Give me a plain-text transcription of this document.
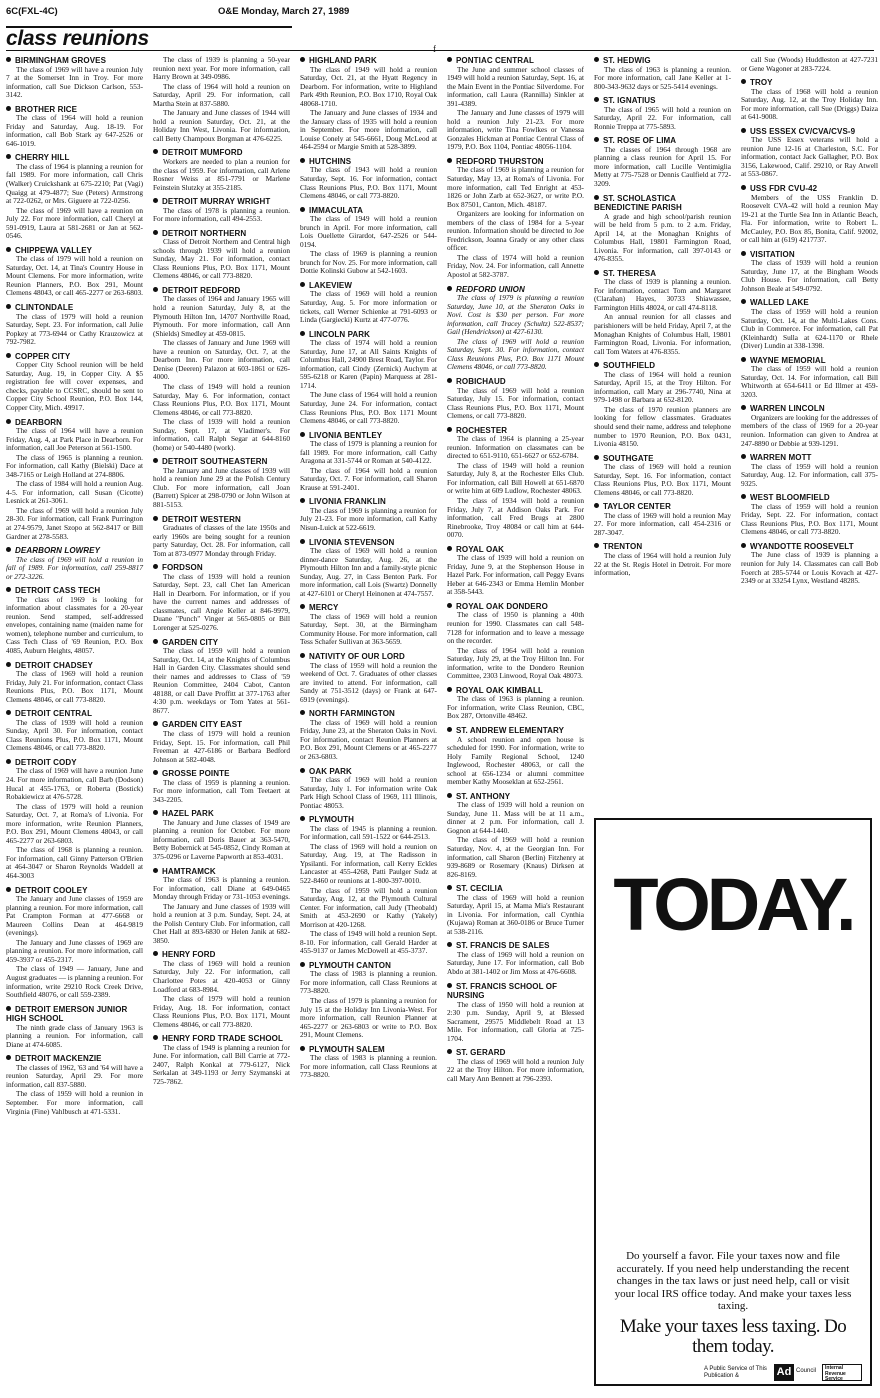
6C(FXL-4C)	O&E Monday, March 27, 1989
class reunions	f
BIRMINGHAM GROVES
The class of 1969 will have a reunion July 7 at the Somerset Inn in Troy. For more information, call Sue Dickson Carlson, 553-3142.
BROTHER RICE
The class of 1964 will hold a reunion Friday and Saturday, Aug. 18-19. For information, call Bob Stark ay 647-2526 or 646-1019.
CHERRY HILL
The class of 1964 is planning a reunion for fall 1989. For more information, call Chris (Walker) Cruickshank at 675-2210; Pat (Vagi) Quaigg at 479-4877; Sue (Peters) Armstrong at 722-0262, or Mrs. Giguere at 722-0256.
The class of 1969 will have a reunion on July 22. For more information, call Cheryl at 591-0919, Laura at 581-2681 or Jan at 562-0546.
CHIPPEWA VALLEY
The class of 1979 will hold a reunion on Saturday, Oct. 14, at Tina's Country House in Mount Clemens. For more information, write Reunion Planners, P.O. Box 291, Mount Clemens 48043, or call 465-2277 or 263-6803.
CLINTONDALE
The class of 1979 will hold a reunion Saturday, Sept. 23. For information, call Julie Popkey at 773-6944 or Cathy Krauzowicz at 792-7982.
COPPER CITY
Copper City School reunion will be held Saturday, Aug. 19, in Copper City. A $5 registration fee will cover expenses, and checks, payable to CCSRC, should be sent to Copper City School Reunion, P.O. Box 144, Copper City, Mich. 49917.
DEARBORN
The class of 1964 will have a reunion Friday, Aug. 4, at Park Place in Dearborn. For information, call Joe Peterson at 561-1500.
The class of 1965 is planning a reunion. For information, call Kathy (Bielski) Dace at 348-7165 or Leigh Holland at 274-8806.
The class of 1984 will hold a reunion Aug. 4-5. For information, call Susan (Cicotte) Lesnick at 261-3061.
The class of 1969 will hold a reunion July 28-30. For information, call Frank Purrington at 274-9579, Janet Szopo at 562-8417 or Bill Gardner at 278-5583.
DEARBORN LOWREY
The class of 1969 will hold a reunion in fall of 1989. For information, call 259-8817 or 272-3226.
DETROIT CASS TECH
The class of 1969 is looking for information about classmates for a 20-year reunion. Send stamped, self-addressed envelopes, containing name (maiden name for women), telephone number and curriculum, to Cass Tech Class of '69 Reunion, P.O. Box 4085, Auburn Heights, 48057.
DETROIT CHADSEY
The class of 1969 will hold a reunion Friday, July 21. For information, contact Class Reunions Plus, P.O. Box 1171, Mount Clemens 48046, or call 773-8820.
DETROIT CENTRAL
The class of 1939 will hold a reunion Sunday, April 30. For information, contact Class Reunions Plus, P.O. Box 1171, Mount Clemens 48046, or call 773-8820.
DETROIT CODY
The class of 1969 will have a reunion June 24. For more information, call Barb (Dodson) Hucal at 455-1763, or Roberta (Bostick) Robakiewicz at 476-5728.
The class of 1979 will hold a reunion Saturday, Oct. 7, at Roma's of Livonia. For more information, write Reunion Planners, P.O. Box 291, Mount Clemens 48043, or call 465-2277 or 263-6803.
The class of 1968 is planning a reunion. For information, call Ginny Patterson O'Brien at 464-3047 or Sharon Reynolds Waddell at 464-3003
DETROIT COOLEY
The January and June classes of 1959 are planning a reunion. For more information, call Pat Crampton Forman at 477-6668 or Maureen Collins Dean at 464-9819 (evenings).
The January and June classes of 1969 are planning a reunion. For more information, call 459-3937 or 455-2317.
The class of 1949 — January, June and August graduates — is planning a reunion. For information, write 29210 Rock Creek Drive, Southfield 48076, or call 559-2389.
DETROIT EMERSON JUNIOR HIGH SCHOOL
The ninth grade class of January 1963 is planning a reunion. For information, call Diane at 474-6085.
DETROIT MACKENZIE
The classes of 1962, '63 and '64 will have a reunion Saturday, April 29. For more information, call 837-5880.
The class of 1959 will hold a reunion in September. For more information, call Virginia (Fine) Vahlbusch at 471-5331.
The class of 1939 is planning a 50-year reunion next year. For more information, call Harry Brown at 349-0986.
The class of 1964 will hold a reunion on Saturday, April 29. For information, call Martha Stein at 837-5880.
The January and June classes of 1944 will hold a reunion Saturday, Oct. 21, at the Holiday Inn West, Livonia. For information, call Betty Champoux Borgman at 476-6225.
DETROIT MUMFORD
Workers are needed to plan a reunion for the class of 1959. For information, call Arlene Rosner Weiss at 851-7791 or Marlene Feinstein Slutzky at 355-2185.
DETROIT MURRAY WRIGHT
The class of 1978 is planning a reunion. For more information, call 494-2553.
DETROIT NORTHERN
Class of Detroit Northern and Central high schools through 1939 will hold a reunion Sunday, May 21. For information, contact Class Reunions Plus, P.O. Box 1171, Mount Clemens 48046, or call 773-8820.
DETROIT REDFORD
The classes of 1964 and January 1965 will hold a reunion Saturday, July 8, at the Plymouth Hilton Inn, 14707 Northville Road, Plymouth. For more information, call Ann (Shields) Smedley at 459-0815.
The classes of January and June 1969 will have a reunion on Saturday, Oct. 7, at the Dearborn Inn. For more information, call Denise (Deeren) Palazon at 603-1861 or 626-4000.
The class of 1949 will hold a reunion Saturday, May 6. For information, contact Class Reunions Plus, P.O. Box 1171, Mount Clemens 48046, or call 773-8820.
The class of 1939 will hold a reunion Sunday, Sept. 17, at Vladimer's. For information, call Ralph Segar at 644-8160 (home) or 540-4480 (work).
DETROIT SOUTHEASTERN
The January and June classes of 1939 will hold a reunion June 29 at the Polish Century Club. For more information, call Joan (Barrett) Spicer at 298-0790 or John Wilson at 881-5153.
DETROIT WESTERN
Graduates of classes of the late 1950s and early 1960s are being sought for a reunion party Saturday, Oct. 28. For information, call Tom at 873-0977 Monday through Friday.
FORDSON
The class of 1939 will hold a reunion Saturday, Sept. 23, call Chet Ian American Hall in Dearborn. For information, or if you have the current names and addresses of classmates, call Angie Keller at 846-9979, Duane "Punch" Vinger at 565-0805 or Bill Lorenger at 525-0276.
GARDEN CITY
The class of 1959 will hold a reunion Saturday, Oct. 14, at the Knights of Columbus Hall in Garden City. Classmates should send their names and addresses to Class of '59 Reunion Committee, 2404 Cabot, Canton 48188, or call Dave Proffitt at 377-1763 after 4:30 p.m. weekdays or Tom Yates at 561-8677.
GARDEN CITY EAST
The class of 1979 will hold a reunion Friday, Sept. 15. For information, call Phil Freeman at 427-6186 or Barbara Bedford Johnson at 582-4048.
GROSSE POINTE
The class of 1959 is planning a reunion. For more information, call Tom Teetaert at 343-2205.
HAZEL PARK
The January and June classes of 1949 are planning a reunion for October. For more information, call Doris Bauer at 363-5470, Betty Bobernick at 545-0852, Cindy Roman at 375-0296 or Laverne Papworth at 853-4031.
HAMTRAMCK
The class of 1963 is planning a reunion. For information, call Diane at 649-0465 Monday through Friday or 731-1053 evenings.
The January and June classes of 1939 will hold a reunion at 3 p.m. Sunday, Sept. 24, at the Polish Century Club. For information, call Chet Hall at 893-6830 or Helen Janik at 682-3850.
HENRY FORD
The class of 1969 will hold a reunion Saturday, July 22. For information, call Charlottee Potes at 420-4053 or Ginny Loadford at 683-8984.
The class of 1979 will hold a reunion Friday, Aug. 18. For information, contact Class Reunions Plus, P.O. Box 1171, Mount Clemens 48046, or call 773-8820.
HENRY FORD TRADE SCHOOL
The class of 1949 is planning a reunion for June. For information, call Bill Carrie at 772-2407, Ralph Konkal at 779-6127, Nick Serkalan at 349-1193 or Jerry Szymanski at 725-7862.
HIGHLAND PARK
The class of 1949 will hold a reunion Saturday, Oct. 21, at the Hyatt Regency in Dearborn. For information, write to Highland Park 49th Reunion, P.O. Box 1710, Royal Oak 48068-1710.
The January and June classes of 1934 and the January class of 1935 will hold a reunion in September. For more information, call Louise Conely at 545-6661, Doug McLeod at 464-2594 or Margie Smith at 528-3899.
HUTCHINS
The class of 1943 will hold a reunion Saturday, Sept. 16. For information, contact Class Reunions Plus, P.O. Box 1171, Mount Clemens 48046, or call 773-8820.
IMMACULATA
The class of 1949 will hold a reunion brunch in April. For more information, call Lois Ouellette Girardot, 647-2526 or 544-0194.
The class of 1969 is planning a reunion brunch for Nov. 25. For more information, call Dottie Kolinski Gubow at 542-1603.
LAKEVIEW
The class of 1969 will hold a reunion Saturday, Aug. 5. For more information or tickets, call Werner Schienke at 791-6093 or Linda (Gargiecki) Kurtz at 477-0776.
LINCOLN PARK
The class of 1974 will hold a reunion Saturday, June 17, at All Saints Knights of Columbus Hall, 24900 Brest Road, Taylor. For information, call Cindy (Zernick) Auchym at 595-6218 or Karen (Papin) Marquess at 281-1714.
The June class of 1964 will hold a reunion Saturday, June 24. For information, contact Class Reunions Plus, P.O. Box 1171 Mount Clemens 48046, or call 773-8820.
LIVONIA BENTLEY
The class of 1979 is planning a reunion for fall 1989. For more information, call Cathy Aragona at 331-5744 or Roman at 540-4122.
The class of 1964 will hold a reunion Saturday, Oct. 7. For information, call Sharon Krause at 591-2401.
LIVONIA FRANKLIN
The class of 1969 is planning a reunion for July 21-23. For more information, call Kathy Nisun-Luick at 522-6619.
LIVONIA STEVENSON
The class of 1969 will hold a reunion dinner-dance Saturday, Aug. 26, at the Plymouth Hilton Inn and a family-style picnic Sunday, Aug. 27, in Cass Benton Park. For more information, call Lois (Swartz) Donnelly at 427-6101 or Cheryl Heinonen at 474-7557.
MERCY
The class of 1969 will hold a reunion Saturday, Sept. 30, at the Birmingham Community House. For more information, call Tess Schafer Sullivan at 363-5659.
NATIVITY OF OUR LORD
The class of 1959 will hold a reunion the weekend of Oct. 7. Graduates of other classes are invited to attend. For information, call Sandy at 751-3512 (days) or Frank at 647-6919 (evenings).
NORTH FARMINGTON
The class of 1969 will hold a reunion Friday, June 23, at the Sheraton Oaks in Novi. For information, contact Reunion Planners at P.O. Box 291, Mount Clemens or at 465-2277 or 263-6803.
OAK PARK
The class of 1969 will hold a reunion Saturday, July 1. For information write Oak Park High School Class of 1969, 111 Illinois, Pontiac 48053.
PLYMOUTH
The class of 1945 is planning a reunion. For information, call 591-1522 or 644-2513.
The class of 1969 will hold a reunion on Saturday, Aug. 19, at The Radisson in Ypsilanti. For information, call Kerry Eckles Lancaster at 455-4268, Patti Paulger Sudz at 522-8460 or reunions at 1-800-397-0010.
The class of 1959 will hold a reunion Saturday, Aug. 12, at the Plymouth Cultural Center. For information, call Judy (Theobald) Smith at 453-2690 or Kathy (Yakely) Morrison at 420-1268.
The class of 1949 will hold a reunion Sept. 8-10. For information, call Gerald Harder at 455-9137 or James McDowell at 455-3737.
PLYMOUTH CANTON
The class of 1983 is planning a reunion. For more information, call Class Reunions at 773-8820.
The class of 1979 is planning a reunion for July 15 at the Holiday Inn Livonia-West. For more information, call Reunion Planner at 465-2277 or 263-6803 or write to P.O. Box 291, Mount Clemens.
PLYMOUTH SALEM
The class of 1983 is planning a reunion. For more information, call Class Reunions at 773-8820.
PONTIAC CENTRAL
The June and summer school classes of 1949 will hold a reunion Saturday, Sept. 16, at the Main Event in the Pontiac Silverdome. For information, call Laura (Rannilla) Sinkler at 391-4389.
The January and June classes of 1979 will hold a reunion July 21-23. For more information, write Tina Fowlkes or Vanessa Gonzales Hickman at Pontiac Central Class of 1979, P.O. Box 1104, Pontiac 48056-1104.
REDFORD THURSTON
The class of 1969 is planning a reunion for Saturday, May 13, at Roma's of Livonia. For more information, call Ted Enright at 453-1826 or John Zarb at 652-3627, or write P.O. Box 87501, Canton, Mich. 48187.
Organizers are looking for information on members of the class of 1984 for a 5-year reunion. Information should be directed to Joe Fredrickson, Joanna Grady or any other class officer.
The class of 1974 will hold a reunion Friday, Nov. 24. For information, call Annette Apostol at 582-3787.
REDFORD UNION
The class of 1979 is planning a reunion Saturday, June 10, at the Sheraton Oaks in Novi. Cost is $30 per person. For more information, call Tracey (Schultz) 522-8537; Gail (Hendrickson) at 427-6130.
The class of 1969 will hold a reunion Saturday, Sept. 30. For information, contact Class Reunions Plus, P.O. Box 1171 Mount Clemens 48046, or call 773-8820.
ROBICHAUD
The class of 1969 will hold a reunion Saturday, July 15. For information, contact Class Reunions Plus, P.O. Box 1171, Mount Clemens, or call 773-8820.
ROCHESTER
The class of 1964 is planning a 25-year reunion. Information on classmates can be directed to 651-9110, 651-6627 or 652-6784.
The class of 1949 will hold a reunion Saturday, July 8, at the Rochester Elks Club. For information, call Bill Howell at 651-6870 or write him at 609 Ludlow, Rochester 48063.
The class of 1934 will hold a reunion Friday, July 7, at Addison Oaks Park. For information, call Fred Brugs at 2800 Rinebrooke, Troy 48084 or call him at 644-0070.
ROYAL OAK
The class of 1939 will hold a reunion on Friday, June 9, at the Stephenson House in Hazel Park. For information, call Peggy Evans Heber at 646-2343 or Emma Hemlin Monber at 358-5443.
ROYAL OAK DONDERO
The class of 1950 is planning a 40th reunion for 1990. Classmates can call 548-7128 for information and to leave a message on the recorder.
The class of 1964 will hold a reunion Saturday, July 29, at the Troy Hilton Inn. For information, write to the Dondero Reunion Committee, 2303 Linwood, Royal Oak 48073.
ROYAL OAK KIMBALL
The class of 1963 is planning a reunion. For information, write Class Reunion, CBC, Box 287, Ortonville 48462.
ST. ANDREW ELEMENTARY
A school reunion and open house is scheduled for 1990. For information, write to Holy Family Regional School, 1240 Inglewood, Rochester 48063, or call the school at 656-1234 or alumni committee member Kathy Mooseklan at 652-2561.
ST. ANTHONY
The class of 1939 will hold a reunion on Sunday, June 11. Mass will be at 11 a.m., dinner at 2 p.m. For information, call J. Gognon at 644-1440.
The class of 1969 will hold a reunion Saturday, Nov. 4, at the Georgian Inn. For information, call Sharon (Berlin) Fitzhenry at 939-8689 or Rosemary (Knaus) Dirksen at 826-8169.
ST. CECILIA
The class of 1969 will hold a reunion Saturday, April 15, at Mama Mia's Restaurant in Livonia. For information, call Cynthia (Kujawa) Roman at 360-0186 or Bruce Turner at 538-2116.
ST. FRANCIS DE SALES
The class of 1969 will hold a reunion on Saturday, June 17. For information, call Bob Abdo at 381-1402 or Jim Moss at 476-6608.
ST. FRANCIS SCHOOL OF NURSING
The class of 1950 will hold a reunion at 2:30 p.m. Sunday, April 9, at Blessed Sacrament, 29575 Middlebelt Road at 13 Mile. For information, call Gloria at 725-1704.
ST. GERARD
The class of 1969 will hold a reunion July 22 at the Troy Hilton. For more information, call Mary Ann Bennett at 796-2393.
ST. HEDWIG
The class of 1963 is planning a reunion. For more information, call Jane Keller at 1-800-343-9632 days or 525-5414 evenings.
ST. IGNATIUS
The class of 1965 will hold a reunion on Saturday, April 22. For information, call Ronnie Treppa at 775-5893.
ST. ROSE OF LIMA
The classes of 1964 through 1968 are planning a class reunion for April 15. For more information, call Lucille Ventimiglia Metty at 775-7528 or Dennis Caulfield at 772-3209.
ST. SCHOLASTICA BENEDICTINE PARISH
A grade and high school/parish reunion will be held from 5 p.m. to 2 a.m. Friday, April 14, at the Monaghan Knights of Columbus Hall, 19801 Farmington Road, Livonia. For information, call 397-0143 or 476-8355.
ST. THERESA
The class of 1939 is planning a reunion. For information, contact Tom and Margaret (Clarahan) Hayes, 30733 Shiawassee, Farmington Hills 48024, or call 474-8118.
An annual reunion for all classes and parishioners will be held Friday, April 7, at the Monaghan Knights of Columbus Hall, 19801 Farmington Road, Livonia. For information, call Tom Waters at 476-8355.
SOUTHFIELD
The class of 1964 will hold a reunion Saturday, April 15, at the Troy Hilton. For information, call Mary at 296-7740, Nina at 979-1498 or Barbara at 652-8120.
The class of 1970 reunion planners are looking for fellow classmates. Graduates should send their name, address and telephone number to 1970 Reunion, P.O. Box 0431, Livonia 48150.
SOUTHGATE
The class of 1969 will hold a reunion Saturday, Sept. 16. For information, contact Class Reunions Plus, P.O. Box 1171, Mount Clemens 48046, or call 773-8820.
TAYLOR CENTER
The class of 1969 will hold a reunion May 27. For more information, call 454-2316 or 287-3047.
TRENTON
The class of 1964 will hold a reunion July 22 at the St. Regis Hotel in Detroit. For more information,
call Sue (Woods) Huddleston at 427-7231 or Gene Wagoner at 283-7224.
TROY
The class of 1968 will hold a reunion Saturday, Aug. 12, at the Troy Holiday Inn. For more information, call Sue (Driggs) Daiza at 641-9008.
USS ESSEX CV/CVA/CVS-9
The USS Essex veterans will hold a reunion June 12-16 at Charleston, S.C. For information, contact Jack Gallagher, P.O. Box 3156, Lakewood, Calif. 29210, or Ray Atwell at 553-0867.
USS FDR CVU-42
Members of the USS Franklin D. Roosevelt CVA-42 will hold a reunion May 19-21 at the Turtle Sea Inn in Atlantic Beach, Fla. For information, write to Robert L. McCauley, P.O. Box 85, Bonita, Calif. 92002, or call him at (619) 4217737.
VISITATION
The class of 1939 will hold a reunion Saturday, June 17, at the Bingham Woods Club House. For information, call Betty Johnson Beale at 549-0792.
WALLED LAKE
The class of 1959 will hold a reunion Saturday, Oct. 14, at the Multi-Lakes Cons. Club in Commerce. For information, call Pat (Kleinhardt) Sulla at 624-1170 or Rhele (Diver) Lundin at 338-1398.
WAYNE MEMORIAL
The class of 1959 will hold a reunion Saturday, Oct. 14. For information, call Bill Whitworth at 654-6411 or Ed Illmer at 459-3203.
WARREN LINCOLN
Organizers are looking for the addresses of members of the class of 1969 for a 20-year reunion. Information can given to Andrea at 247-8890 or Debbie at 939-1291.
WARREN MOTT
The class of 1959 will hold a reunion Saturday, Aug. 12. For information, call 375-9325.
WEST BLOOMFIELD
The class of 1959 will hold a reunion Friday, Sept. 22. For information, contact Class Reunions Plus, P.O. Box 1171, Mount Clemens 48046, or call 773-8820.
WYANDOTTE ROOSEVELT
The June class of 1939 is planning a reunion for July 14. Classmates can call Bob Foerch at 285-5744 or Louis Kovach at 427-2349 or at 33254 Lynx, Westland 48285.
TODAY.
Do yourself a favor. File your taxes now and file accurately. If you need help understanding the recent changes in the tax laws or just need help, call or visit your local IRS office today. And make your taxes less taxing.
Make your taxes less taxing. Do them today.
A Public Service of This Publication &	Ad Council	Internal Revenue Service
